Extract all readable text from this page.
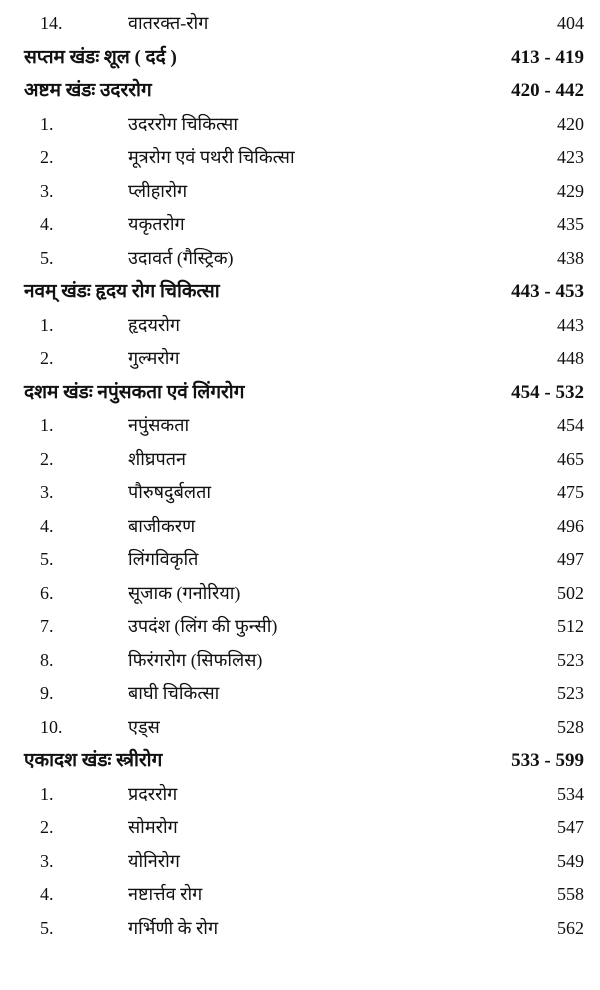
14.	वातरक्त-रोग	404
सप्तम खंडः शूल ( दर्द )	413 - 419
अष्टम खंडः उदररोग	420 - 442
1.	उदररोग चिकित्सा	420
2.	मूत्ररोग एवं पथरी चिकित्सा	423
3.	प्लीहारोग	429
4.	यकृतरोग	435
5.	उदावर्त (गैस्ट्रिक)	438
नवम् खंडः हृदय रोग चिकित्सा	443 - 453
1.	हृदयरोग	443
2.	गुल्मरोग	448
दशम खंडः नपुंसकता एवं लिंगरोग	454 - 532
1.	नपुंसकता	454
2.	शीघ्रपतन	465
3.	पौरुषदुर्बलता	475
4.	बाजीकरण	496
5.	लिंगविकृति	497
6.	सूजाक (गनोरिया)	502
7.	उपदंश (लिंग की फुन्सी)	512
8.	फिरंगरोग (सिफलिस)	523
9.	बाघी चिकित्सा	523
10.	एड्स	528
एकादश खंडः स्त्रीरोग	533 - 599
1.	प्रदररोग	534
2.	सोमरोग	547
3.	योनिरोग	549
4.	नष्टार्त्तव रोग	558
5.	गर्भिणी के रोग	562
